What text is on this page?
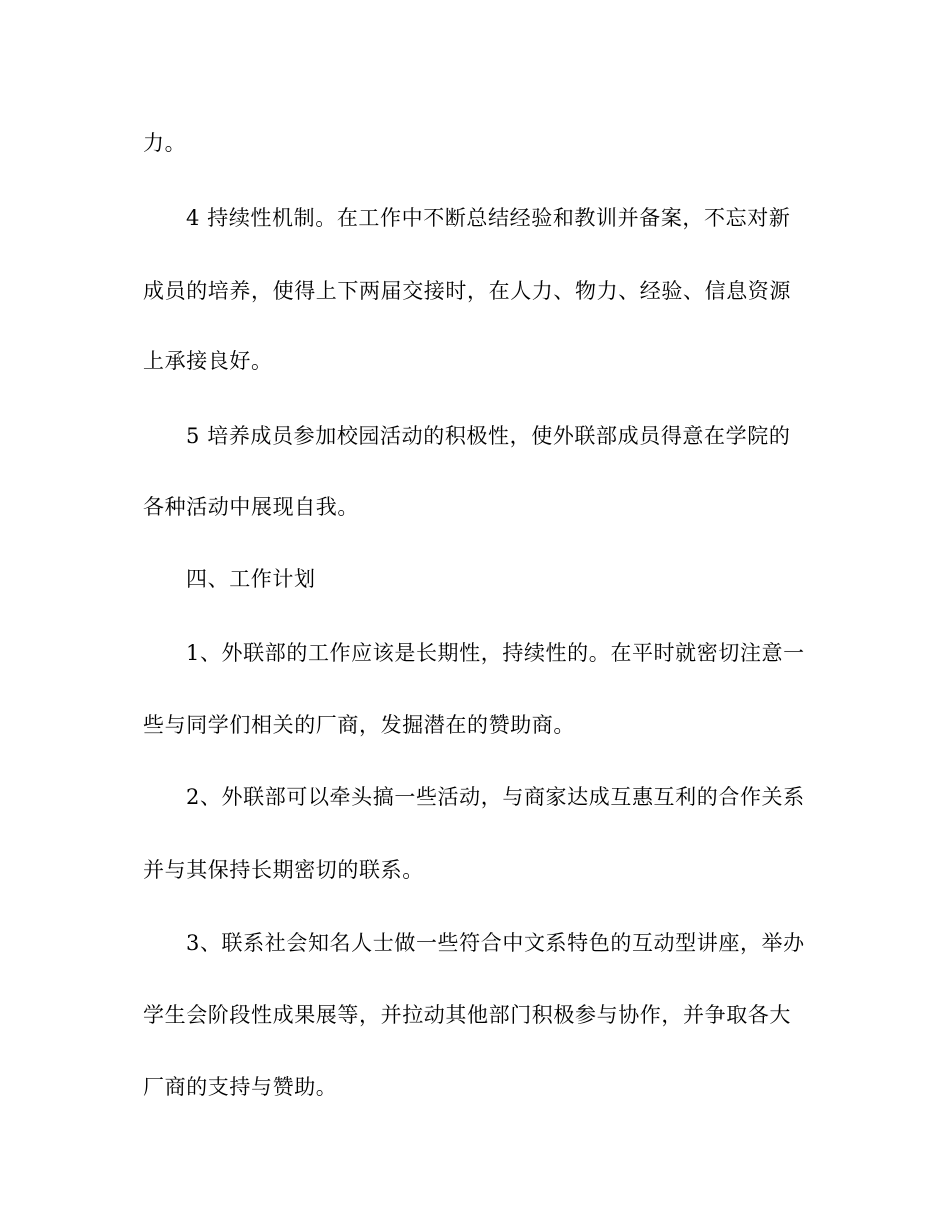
力。
4 持续性机制。在工作中不断总结经验和教训并备案，不忘对新
成员的培养，使得上下两届交接时，在人力、物力、经验、信息资源
上承接良好。
5 培养成员参加校园活动的积极性，使外联部成员得意在学院的
各种活动中展现自我。
四、工作计划
1、外联部的工作应该是长期性，持续性的。在平时就密切注意一
些与同学们相关的厂商，发掘潜在的赞助商。
2、外联部可以牵头搞一些活动，与商家达成互惠互利的合作关系
并与其保持长期密切的联系。
3、联系社会知名人士做一些符合中文系特色的互动型讲座，举办
学生会阶段性成果展等，并拉动其他部门积极参与协作，并争取各大
厂商的支持与赞助。
